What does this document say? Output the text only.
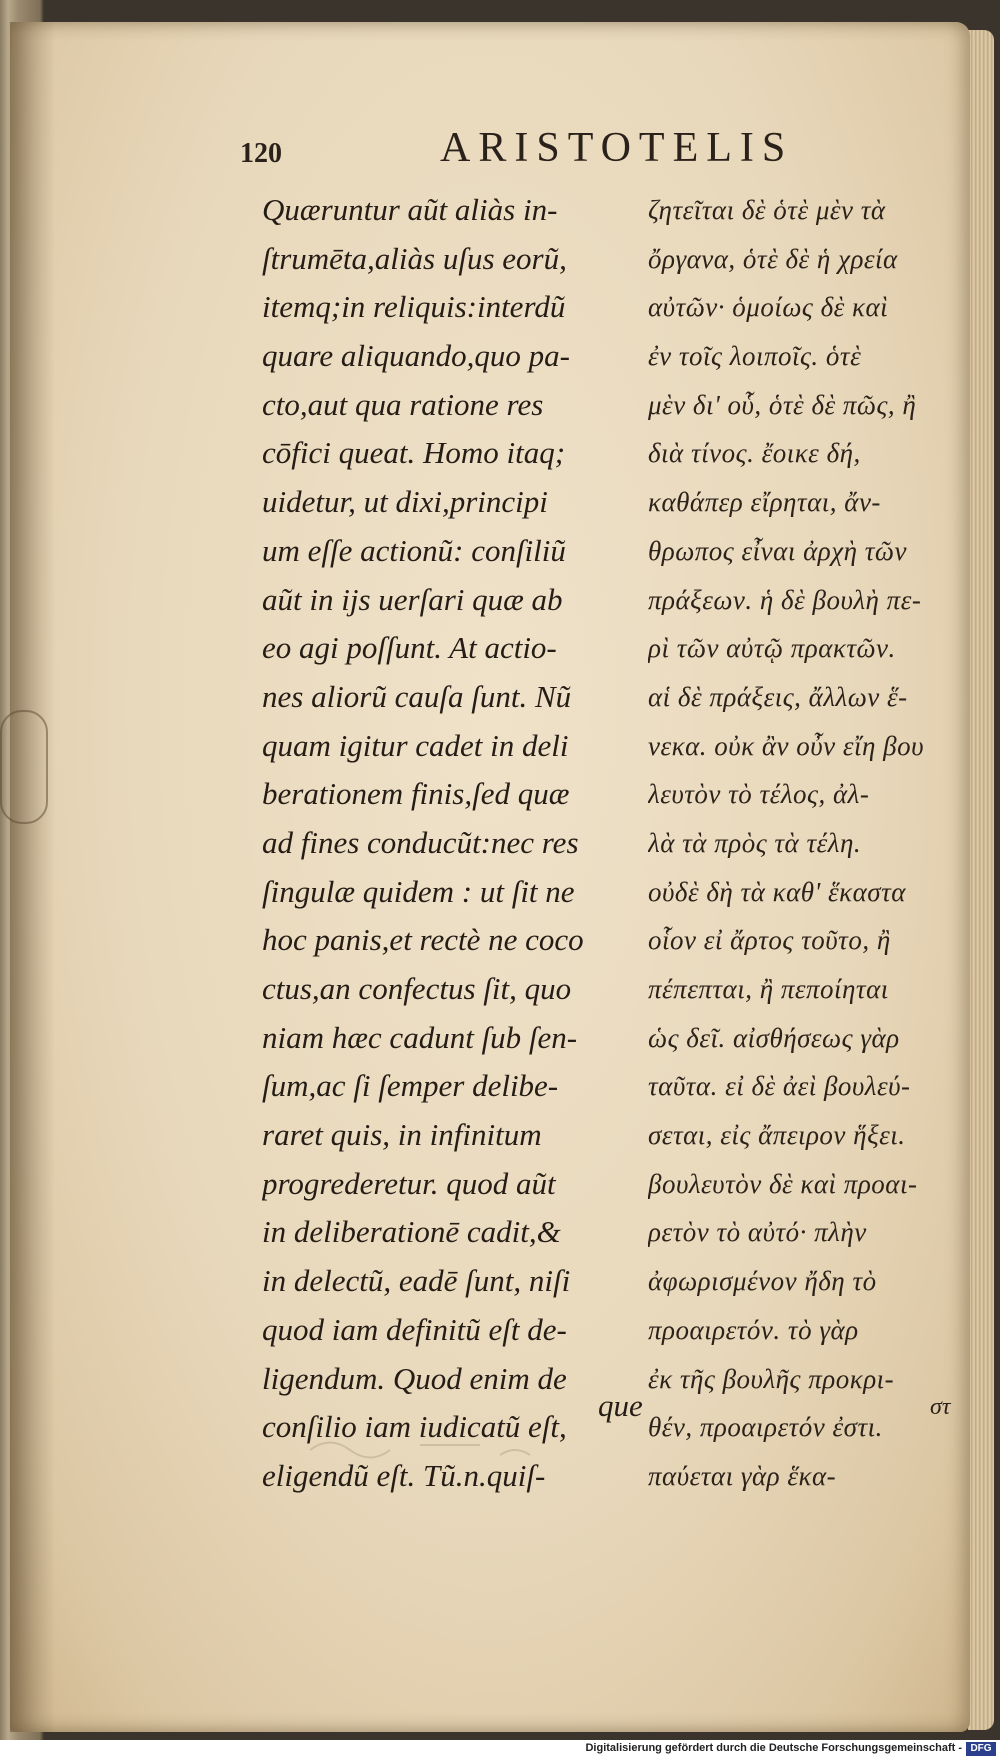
120	ARISTOTELIS
Quæruntur aũt aliàs in-
ſtrumēta,aliàs uſus eorũ,
itemq;in reliquis:interdũ
quare aliquando,quo pa-
cto,aut qua ratione res
cōfici queat. Homo itaq;
uidetur, ut dixi,principi
um eſſe actionũ: conſiliũ
aũt in ijs uerſari quæ ab
eo agi poſſunt. At actio-
nes aliorũ cauſa ſunt. Nũ
quam igitur cadet in deli
berationem finis,ſed quæ
ad fines conducũt:nec res
ſingulæ quidem : ut ſit ne
hoc panis,et rectè ne coco
ctus,an confectus ſit, quo
niam hæc cadunt ſub ſen-
ſum,ac ſi ſemper delibe-
raret quis, in infinitum
progrederetur. quod aũt
in deliberationē cadit,&
in delectũ, eadē ſunt, niſi
quod iam definitũ eſt de-
ligendum. Quod enim de
conſilio iam iudicatũ eſt,
eligendũ eſt. Tũ.n.quiſ-
ζητεῖται δὲ ὁτὲ μὲν τὰ
ὄργανα, ὁτὲ δὲ ἡ χρεία
αὐτῶν· ὁμοίως δὲ καὶ
ἐν τοῖς λοιποῖς. ὁτὲ
μὲν δι' οὗ, ὁτὲ δὲ πῶς, ἢ
διὰ τίνος. ἔοικε δή,
καθάπερ εἴρηται, ἄν-
θρωπος εἶναι ἀρχὴ τῶν
πράξεων. ἡ δὲ βουλὴ πε-
ρὶ τῶν αὐτῷ πρακτῶν.
αἱ δὲ πράξεις, ἄλλων ἕ-
νεκα. οὐκ ἂν οὖν εἴη βου
λευτὸν τὸ τέλος, ἀλ-
λὰ τὰ πρὸς τὰ τέλη.
οὐδὲ δὴ τὰ καθ' ἕκαστα
οἷον εἰ ἄρτος τοῦτο, ἢ
πέπεπται, ἢ πεποίηται
ὡς δεῖ. αἰσθήσεως γὰρ
ταῦτα. εἰ δὲ ἀεὶ βουλεύ-
σεται, εἰς ἄπειρον ἥξει.
βουλευτὸν δὲ καὶ προαι-
ρετὸν τὸ αὐτό· πλὴν
ἀφωρισμένον ἤδη τὸ
προαιρετόν. τὸ γὰρ
ἐκ τῆς βουλῆς προκρι-
θέν, προαιρετόν ἐστι.
παύεται γὰρ ἕκα-
que	στ
Digitalisierung gefördert durch die Deutsche Forschungsgemeinschaft - DFG
